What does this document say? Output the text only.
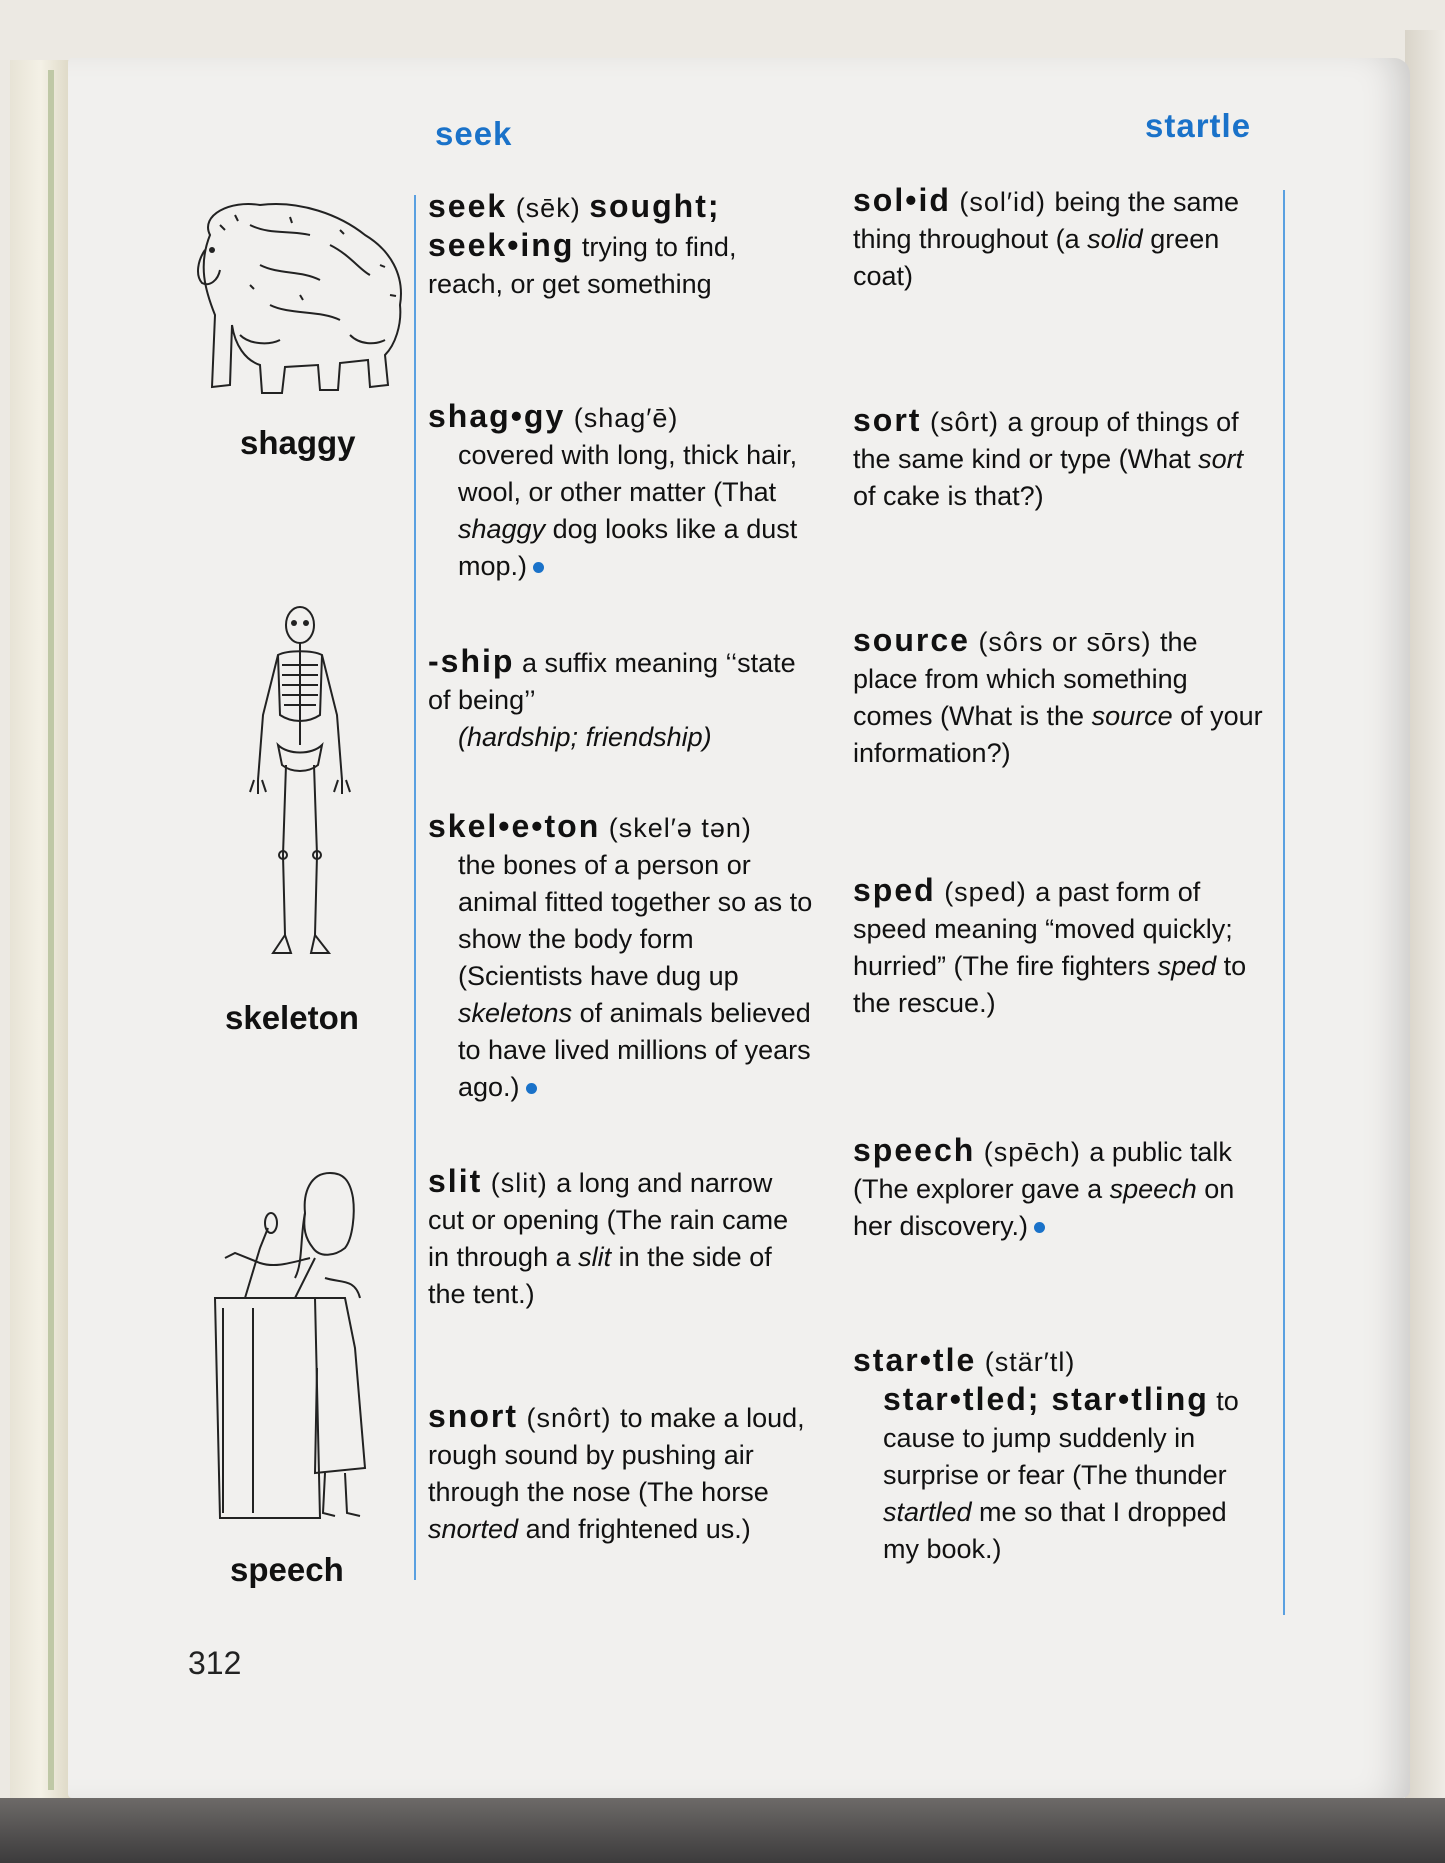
seek	startle
shaggy
skeleton
speech
seek (sēk) sought; seek•ing trying to find, reach, or get something
shag•gy (shag′ē)
covered with long, thick hair, wool, or other matter (That shaggy dog looks like a dust mop.)
-ship a suffix meaning ‘‘state of being’’
(hardship; friendship)
skel•e•ton (skel′ə tən)
the bones of a person or animal fitted together so as to show the body form (Scientists have dug up skeletons of animals believed to have lived millions of years ago.)
slit (slit) a long and narrow cut or opening (The rain came in through a slit in the side of the tent.)
snort (snôrt) to make a loud, rough sound by pushing air through the nose (The horse snorted and frightened us.)
sol•id (sol′id) being the same thing throughout (a solid green coat)
sort (sôrt) a group of things of the same kind or type (What sort of cake is that?)
source (sôrs or sōrs) the place from which something comes (What is the source of your information?)
sped (sped) a past form of speed meaning “moved quickly; hurried” (The fire fighters sped to the rescue.)
speech (spēch) a public talk (The explorer gave a speech on her discovery.)
star•tle (stär′tl)
star•tled; star•tling to cause to jump suddenly in surprise or fear (The thunder startled me so that I dropped my book.)
312
